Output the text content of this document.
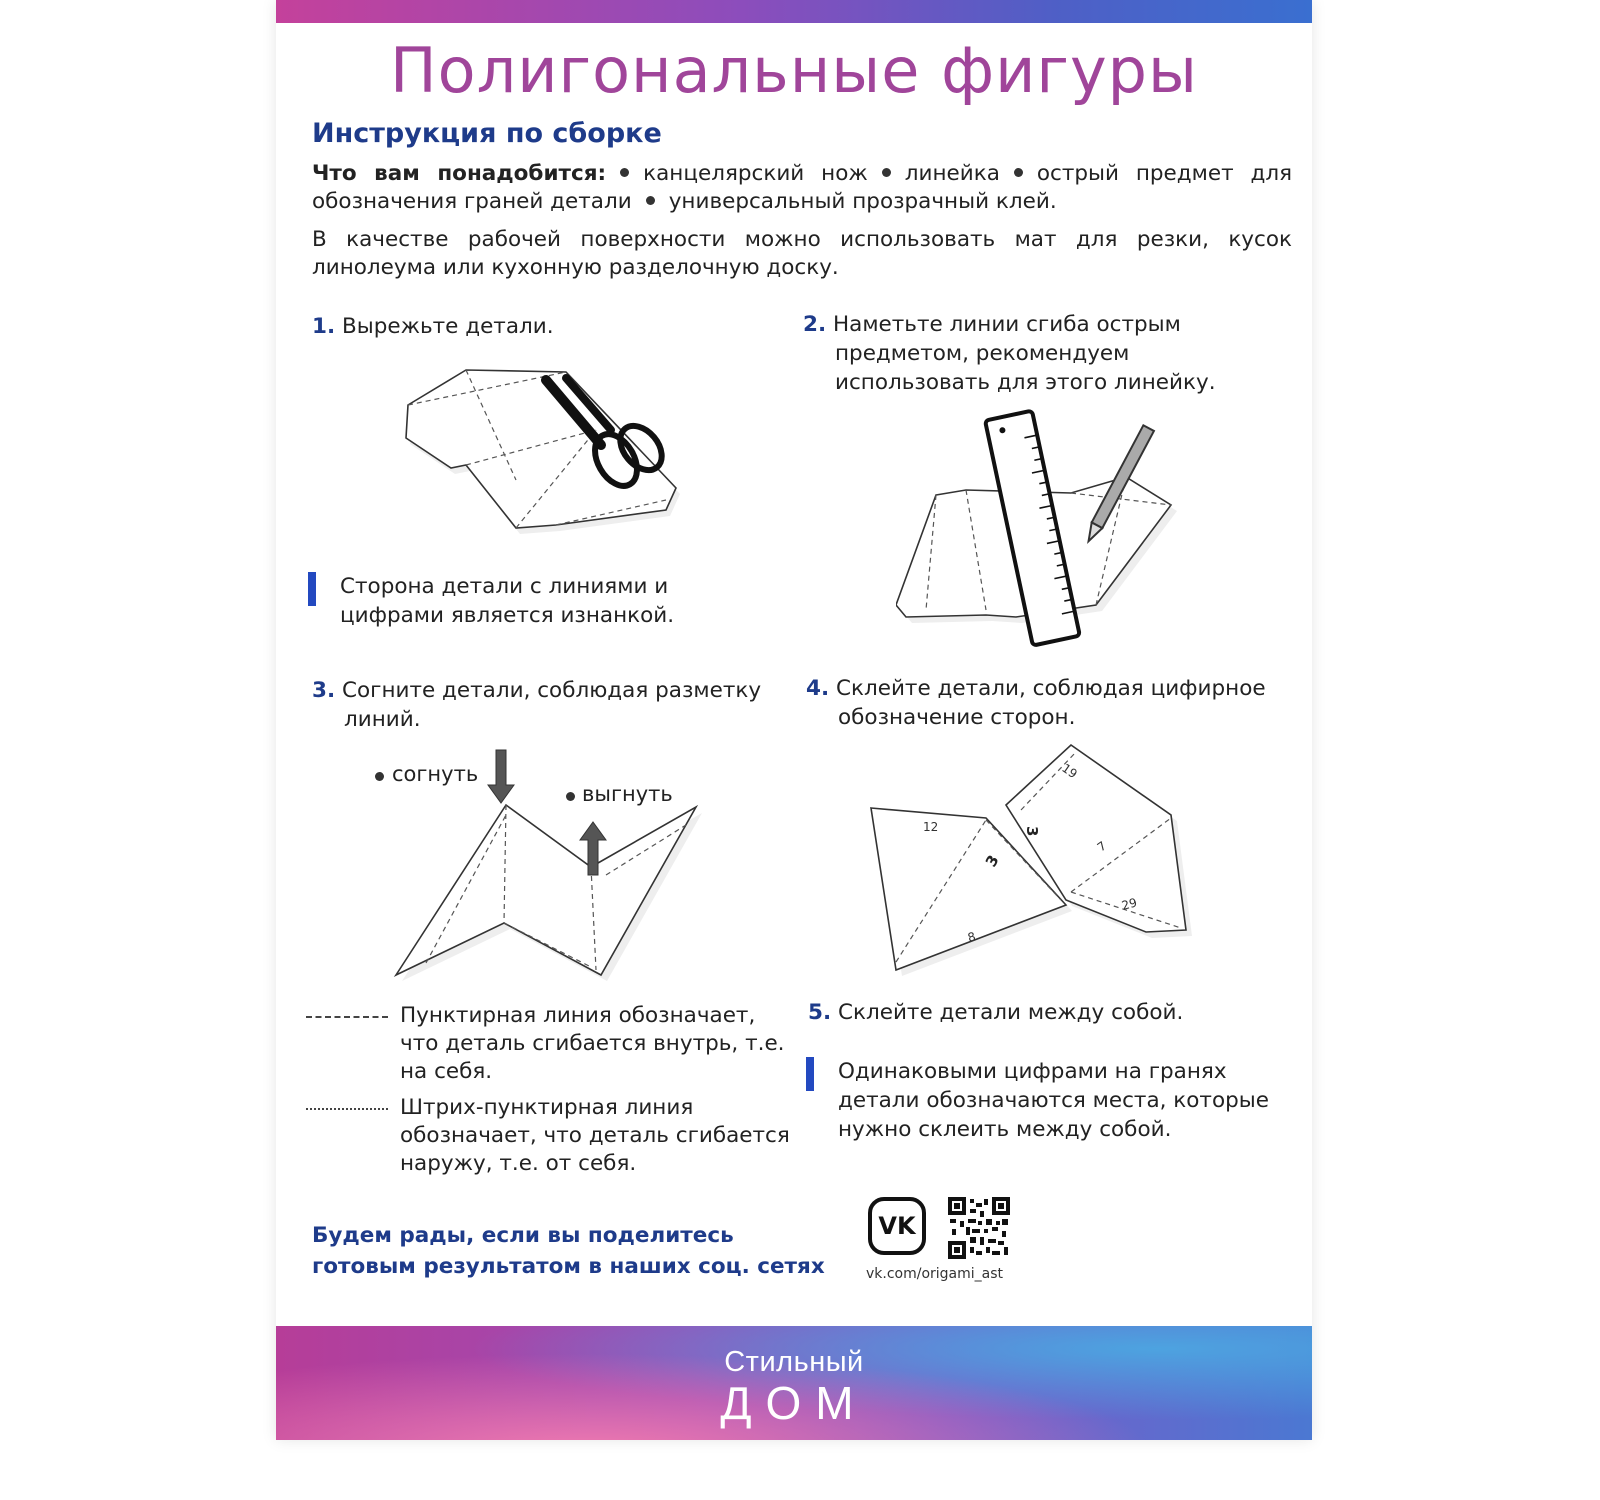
Полигональные фигуры
Инструкция по сборке
Что вам понадобится: канцелярский нож линейка острый предмет для обозначения граней детали универсальный прозрачный клей.
В качестве рабочей поверхности можно использовать мат для резки, кусок линолеума или кухонную разделочную доску.
1. Вырежьте детали.
Сторона детали с линиями и цифрами является изнанкой.
2. Наметьте линии сгиба острым предметом, рекомендуем использовать для этого линейку.
3. Согните детали, соблюдая разметку линий.
согнуть
выгнуть
Пунктирная линия обозначает, что деталь сгибается внутрь, т.е. на себя.
Штрих-пунктирная линия обозначает, что деталь сгибается наружу, т.е. от себя.
4. Склейте детали, соблюдая цифирное обозначение сторон.
12
19
3
3
7
29
8
5. Склейте детали между собой.
Одинаковыми цифрами на гранях детали обозначаются места, которые нужно склеить между собой.
Будем рады, если вы поделитесь
готовым результатом в наших соц. сетях
VK
vk.com/origami_ast
Стильный
ДОМ
